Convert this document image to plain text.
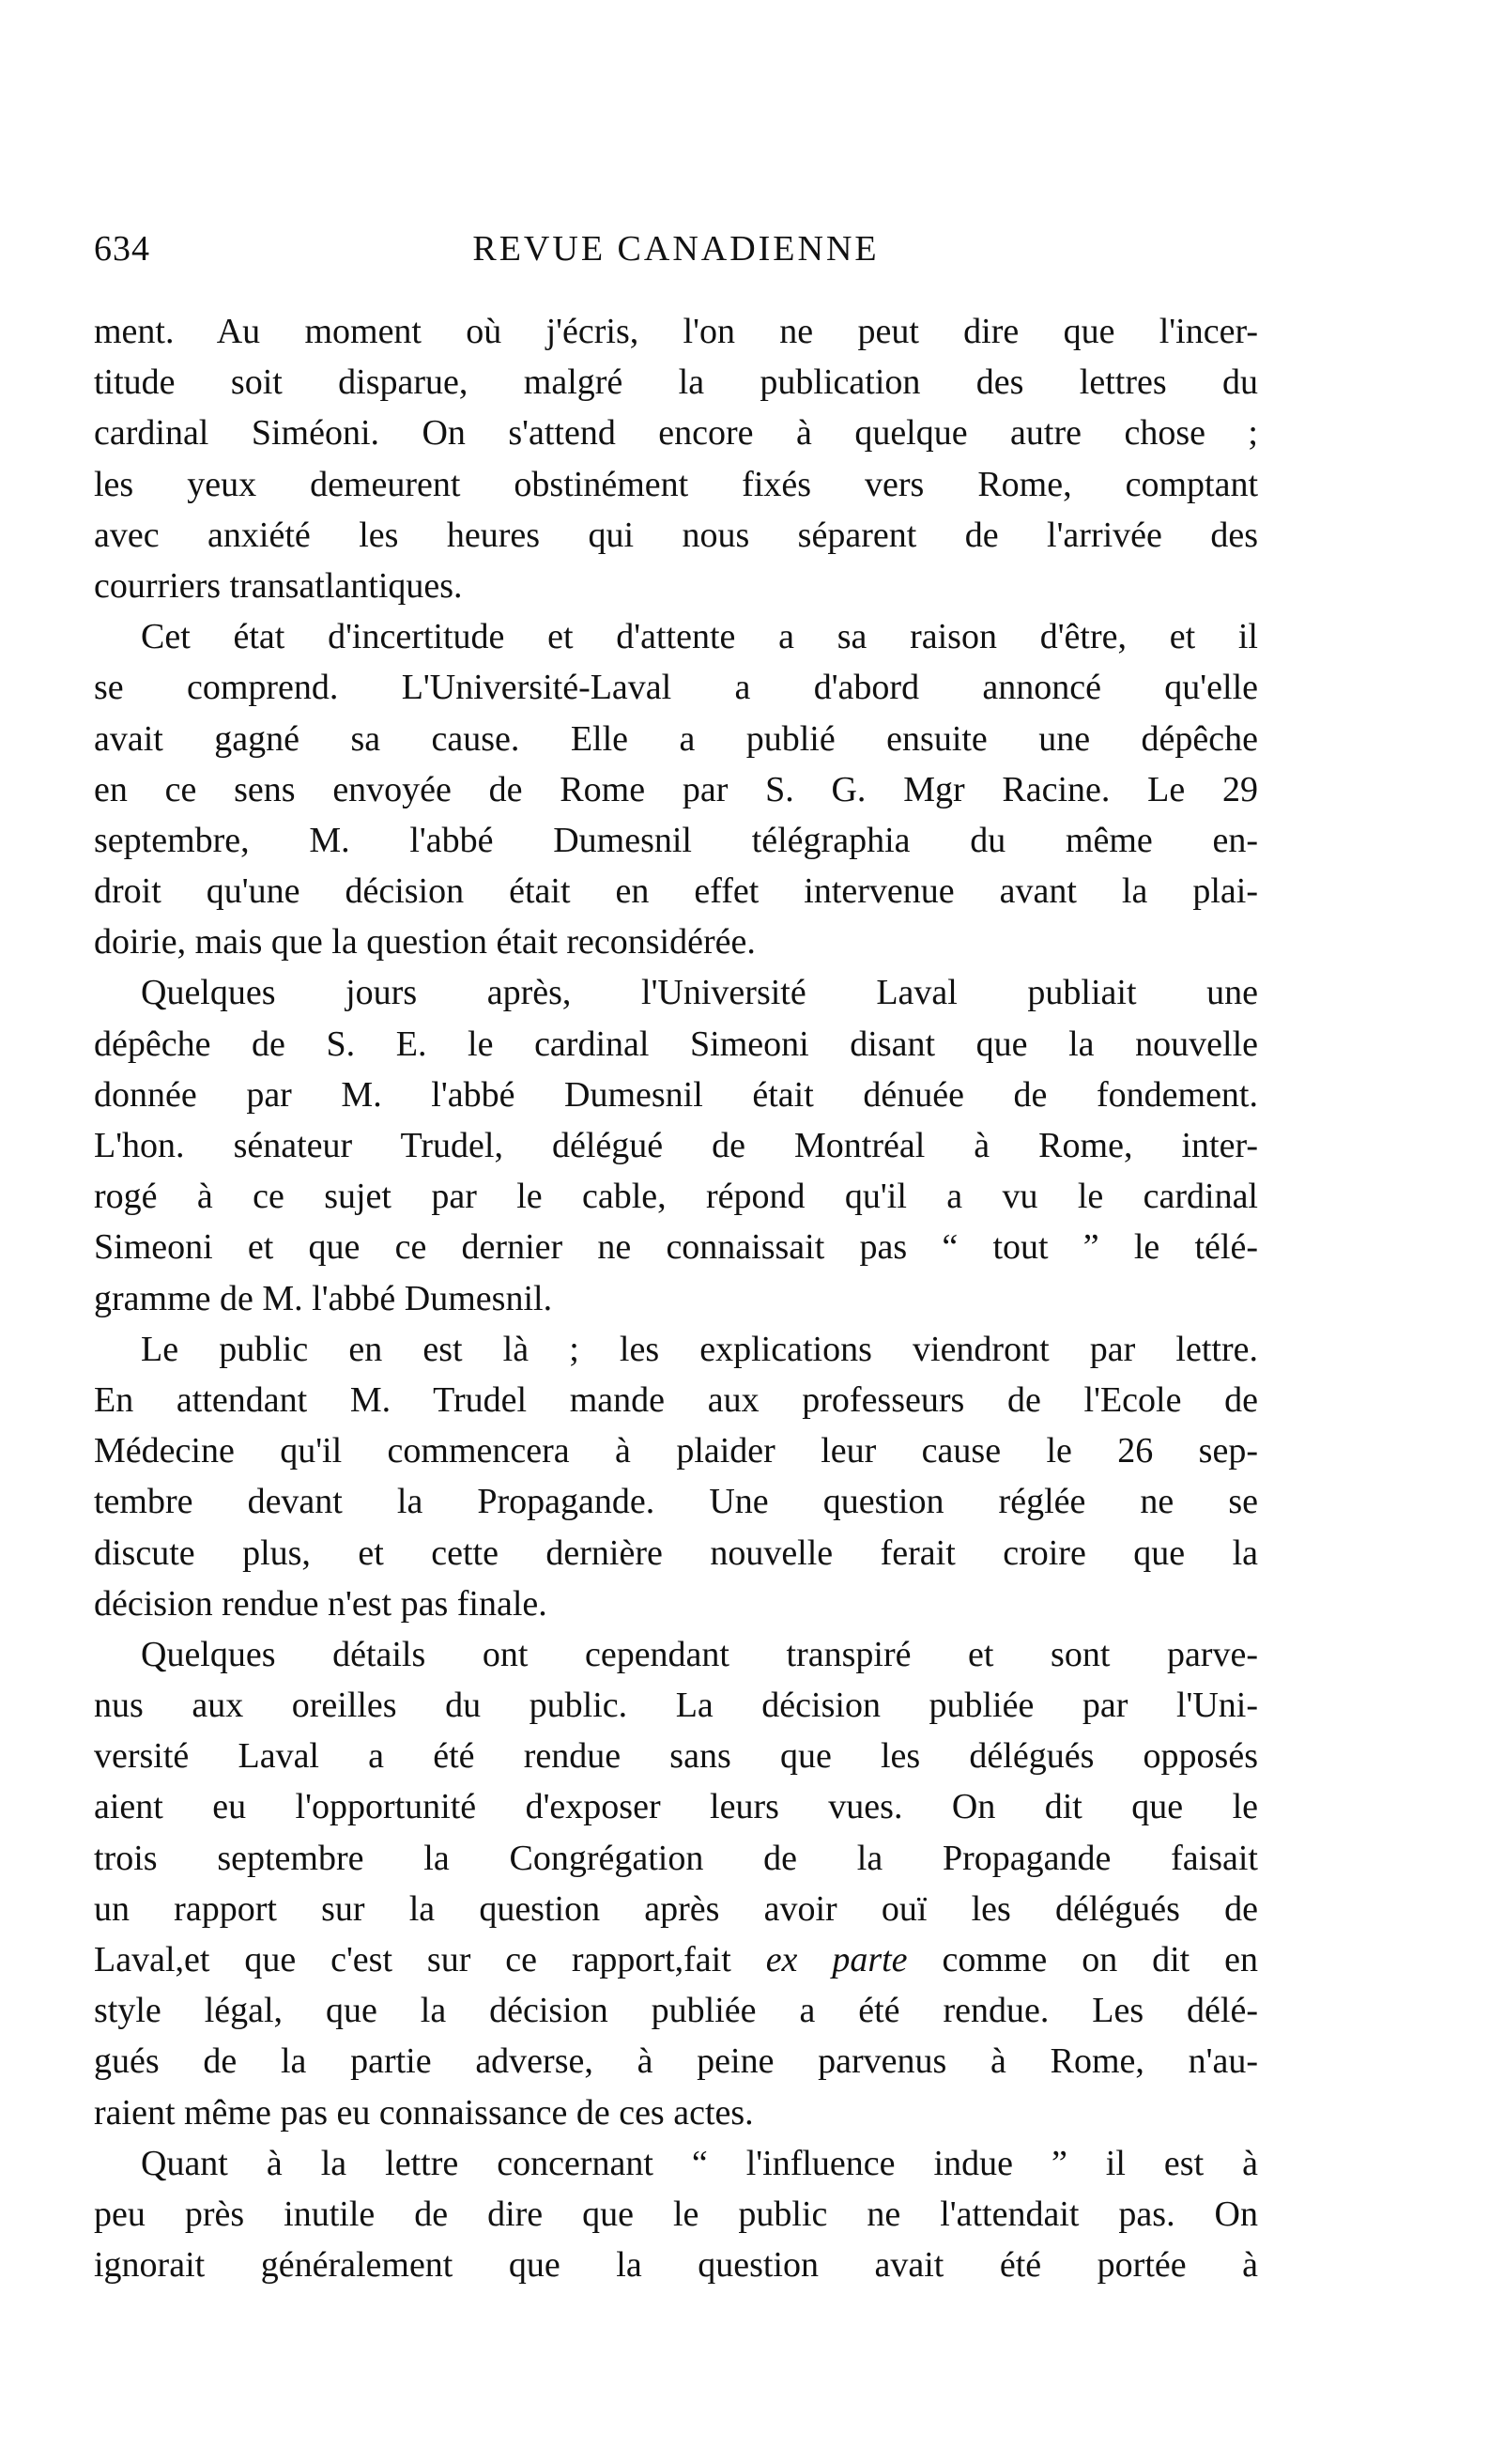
634	REVUE CANADIENNE
ment. Au moment où j'écris, l'on ne peut dire que l'incer-
titude soit disparue, malgré la publication des lettres du
cardinal Siméoni. On s'attend encore à quelque autre chose ;
les yeux demeurent obstinément fixés vers Rome, comptant
avec anxiété les heures qui nous séparent de l'arrivée des
courriers transatlantiques.
Cet état d'incertitude et d'attente a sa raison d'être, et il
se comprend. L'Université-Laval a d'abord annoncé qu'elle
avait gagné sa cause. Elle a publié ensuite une dépêche
en ce sens envoyée de Rome par S. G. Mgr Racine. Le 29
septembre, M. l'abbé Dumesnil télégraphia du même en-
droit qu'une décision était en effet intervenue avant la plai-
doirie, mais que la question était reconsidérée.
Quelques jours après, l'Université Laval publiait une
dépêche de S. E. le cardinal Simeoni disant que la nouvelle
donnée par M. l'abbé Dumesnil était dénuée de fondement.
L'hon. sénateur Trudel, délégué de Montréal à Rome, inter-
rogé à ce sujet par le cable, répond qu'il a vu le cardinal
Simeoni et que ce dernier ne connaissait pas “ tout ” le télé-
gramme de M. l'abbé Dumesnil.
Le public en est là ; les explications viendront par lettre.
En attendant M. Trudel mande aux professeurs de l'Ecole de
Médecine qu'il commencera à plaider leur cause le 26 sep-
tembre devant la Propagande. Une question réglée ne se
discute plus, et cette dernière nouvelle ferait croire que la
décision rendue n'est pas finale.
Quelques détails ont cependant transpiré et sont parve-
nus aux oreilles du public. La décision publiée par l'Uni-
versité Laval a été rendue sans que les délégués opposés
aient eu l'opportunité d'exposer leurs vues. On dit que le
trois septembre la Congrégation de la Propagande faisait
un rapport sur la question après avoir ouï les délégués de
Laval,et que c'est sur ce rapport,fait ex parte comme on dit en
style légal, que la décision publiée a été rendue. Les délé-
gués de la partie adverse, à peine parvenus à Rome, n'au-
raient même pas eu connaissance de ces actes.
Quant à la lettre concernant “ l'influence indue ” il est à
peu près inutile de dire que le public ne l'attendait pas. On
ignorait généralement que la question avait été portée à
